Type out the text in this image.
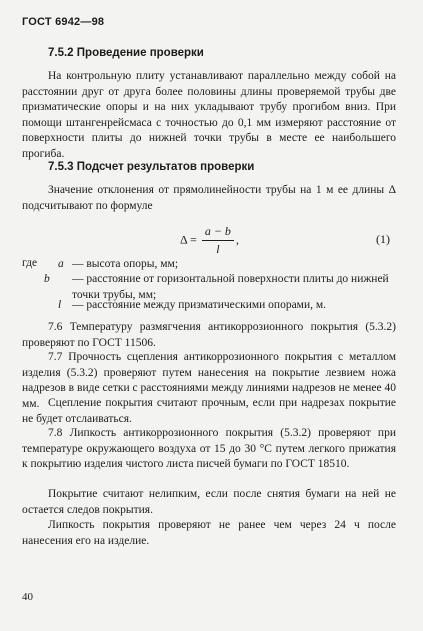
ГОСТ 6942—98
7.5.2 Проведение проверки

На контрольную плиту устанавливают параллельно между собой на расстоянии друг от друга более половины длины проверяемой трубы две призматические опоры и на них укладывают трубу прогибом вниз. При помощи штангенрейсмаса с точностью до 0,1 мм измеряют расстояние от поверхности плиты до нижней точки трубы в месте ее наибольшего прогиба.

7.5.3 Подсчет результатов проверки

Значение отклонения от прямолинейности трубы на 1 м ее длины Δ подсчитывают по формуле

$\Delta = \frac{a - b}{l}$ ,	(1)
где a — высота опоры, мм;
b — расстояние от горизонтальной поверхности плиты до нижней точки трубы, мм;
l — расстояние между призматическими опорами, м.

7.6 Температуру размягчения антикоррозионного покрытия (5.3.2) проверяют по ГОСТ 11506.

7.7 Прочность сцепления антикоррозионного покрытия с металлом изделия (5.3.2) проверяют путем нанесения на покрытие лезвием ножа надрезов в виде сетки с расстояниями между линиями надрезов не менее 40 мм. Сцепление покрытия считают прочным, если при надрезах покрытие не будет отслаиваться.

7.8 Липкость антикоррозионного покрытия (5.3.2) проверяют при температуре окружающего воздуха от 15 до 30 °С путем легкого прижатия к покрытию изделия чистого листа писчей бумаги по ГОСТ 18510.

Покрытие считают нелипким, если после снятия бумаги на ней не остается следов покрытия.

Липкость покрытия проверяют не ранее чем через 24 ч после нанесения его на изделие.

40
